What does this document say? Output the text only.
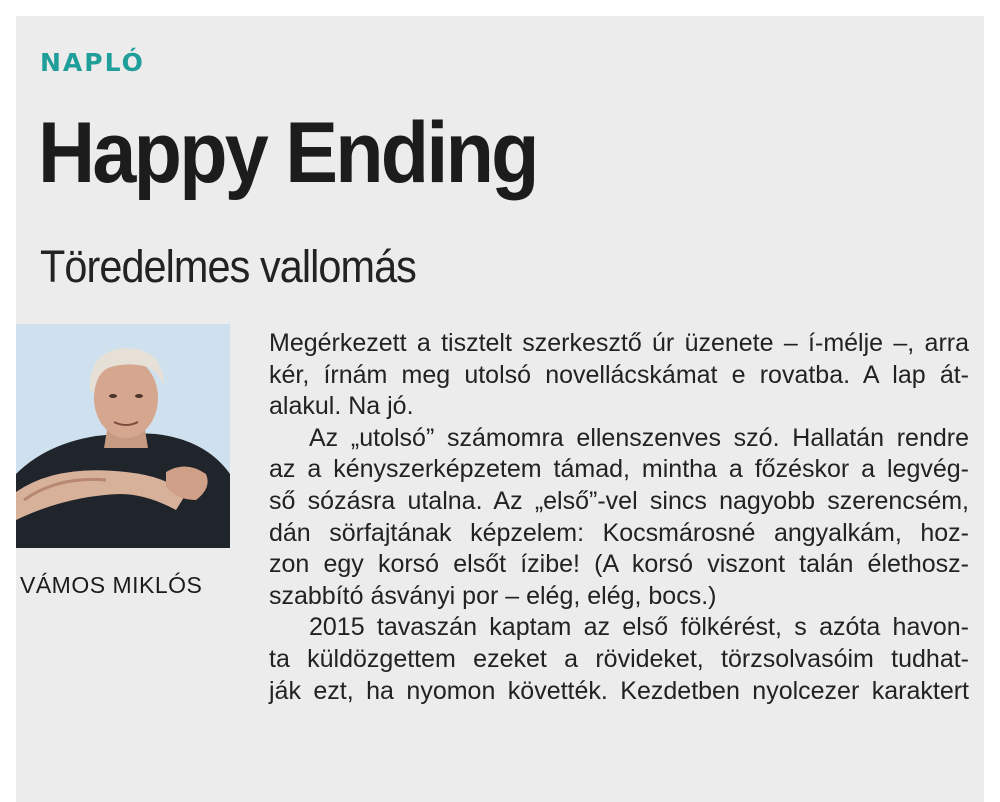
NAPLÓ
Happy Ending
Töredelmes vallomás
VÁMOS MIKLÓS
Megérkezett a tisztelt szerkesztő úr üzenete – í-mélje –, arra
kér, írnám meg utolsó novellácskámat e rovatba. A lap át-
alakul. Na jó.
Az „utolsó” számomra ellenszenves szó. Hallatán rendre
az a kényszerképzetem támad, mintha a főzéskor a legvég-
ső sózásra utalna. Az „első”-vel sincs nagyobb szerencsém,
dán sörfajtának képzelem: Kocsmárosné angyalkám, hoz-
zon egy korsó elsőt ízibe! (A korsó viszont talán élethosz-
szabbító ásványi por – elég, elég, bocs.)
2015 tavaszán kaptam az első fölkérést, s azóta havon-
ta küldözgettem ezeket a rövideket, törzsolvasóim tudhat-
ják ezt, ha nyomon követték. Kezdetben nyolcezer karaktert
